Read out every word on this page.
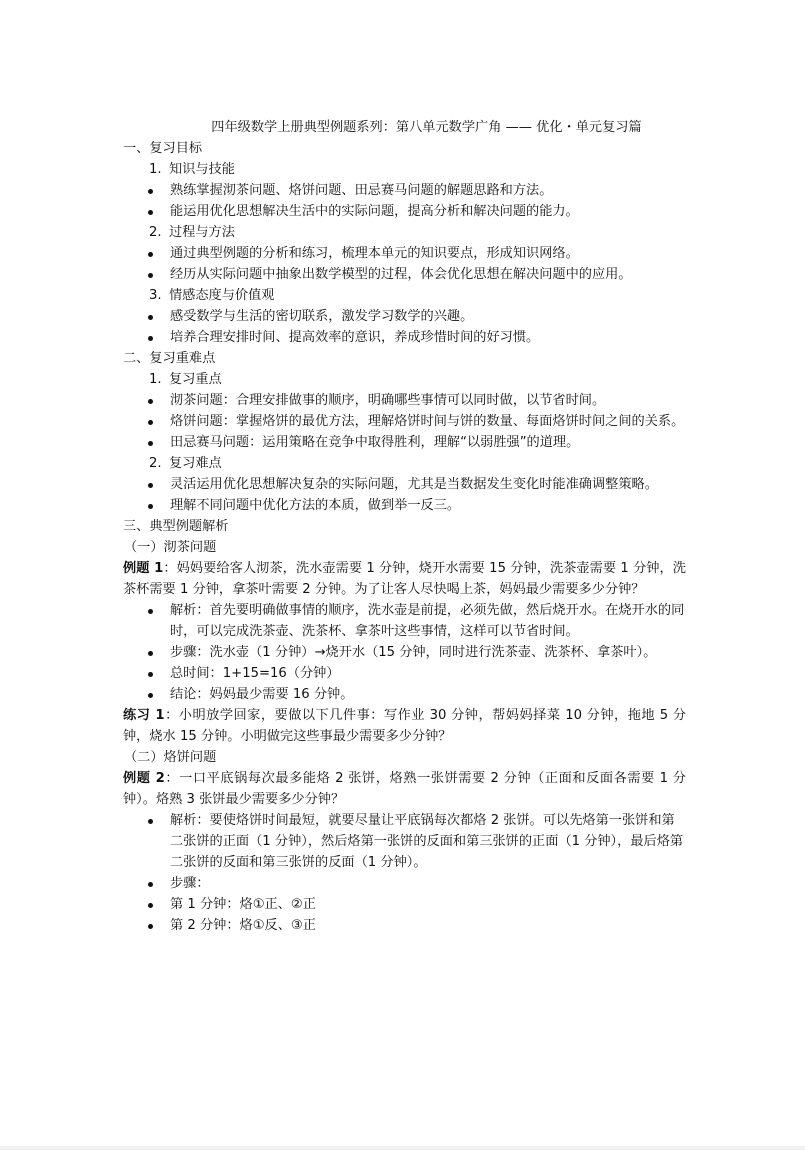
四年级数学上册典型例题系列：第八单元数学广角 —— 优化・单元复习篇

一、复习目标

1. 知识与技能

熟练掌握沏茶问题、烙饼问题、田忌赛马问题的解题思路和方法。

能运用优化思想解决生活中的实际问题，提高分析和解决问题的能力。

2. 过程与方法

通过典型例题的分析和练习，梳理本单元的知识要点，形成知识网络。

经历从实际问题中抽象出数学模型的过程，体会优化思想在解决问题中的应用。

3. 情感态度与价值观

感受数学与生活的密切联系，激发学习数学的兴趣。

培养合理安排时间、提高效率的意识，养成珍惜时间的好习惯。

二、复习重难点

1. 复习重点

沏茶问题：合理安排做事的顺序，明确哪些事情可以同时做，以节省时间。

烙饼问题：掌握烙饼的最优方法，理解烙饼时间与饼的数量、每面烙饼时间之间的关系。

田忌赛马问题：运用策略在竞争中取得胜利，理解“以弱胜强”的道理。

2. 复习难点

灵活运用优化思想解决复杂的实际问题，尤其是当数据发生变化时能准确调整策略。

理解不同问题中优化方法的本质，做到举一反三。

三、典型例题解析

（一）沏茶问题

例题 1：妈妈要给客人沏茶，洗水壶需要 1 分钟，烧开水需要 15 分钟，洗茶壶需要 1 分钟，洗茶杯需要 1 分钟，拿茶叶需要 2 分钟。为了让客人尽快喝上茶，妈妈最少需要多少分钟？

解析：首先要明确做事情的顺序，洗水壶是前提，必须先做，然后烧开水。在烧开水的同时，可以完成洗茶壶、洗茶杯、拿茶叶这些事情，这样可以节省时间。

步骤：洗水壶（1 分钟）→烧开水（15 分钟，同时进行洗茶壶、洗茶杯、拿茶叶）。

总时间：1+15=16（分钟）

结论：妈妈最少需要 16 分钟。

练习 1：小明放学回家，要做以下几件事：写作业 30 分钟，帮妈妈择菜 10 分钟，拖地 5 分钟，烧水 15 分钟。小明做完这些事最少需要多少分钟？

（二）烙饼问题

例题 2：一口平底锅每次最多能烙 2 张饼，烙熟一张饼需要 2 分钟（正面和反面各需要 1 分钟）。烙熟 3 张饼最少需要多少分钟？

解析：要使烙饼时间最短，就要尽量让平底锅每次都烙 2 张饼。可以先烙第一张饼和第二张饼的正面（1 分钟），然后烙第一张饼的反面和第三张饼的正面（1 分钟），最后烙第二张饼的反面和第三张饼的反面（1 分钟）。

步骤：

第 1 分钟：烙①正、②正

第 2 分钟：烙①反、③正
